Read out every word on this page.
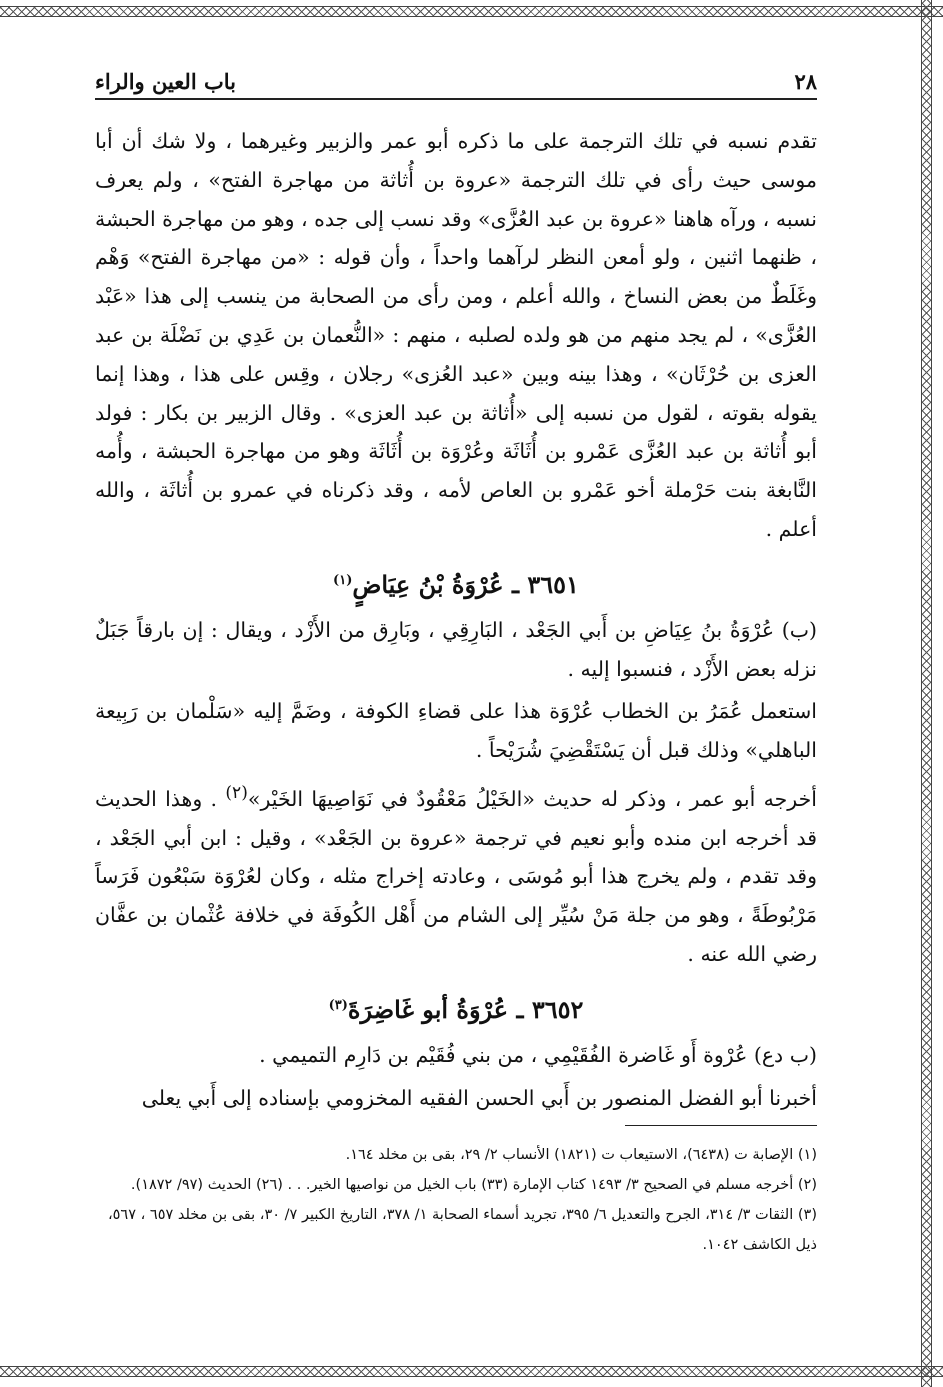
٢٨
باب العين والراء

تقدم نسبه في تلك الترجمة على ما ذكره أبو عمر والزبير وغيرهما ، ولا شك أن أبا موسى حيث رأى في تلك الترجمة «عروة بن أُثاثة من مهاجرة الفتح» ، ولم يعرف نسبه ، ورآه هاهنا «عروة بن عبد العُزَّى» وقد نسب إلى جده ، وهو من مهاجرة الحبشة ، ظنهما اثنين ، ولو أمعن النظر لرآهما واحداً ، وأن قوله : «من مهاجرة الفتح» وَهْم وغَلَطٌ من بعض النساخ ، والله أعلم ، ومن رأى من الصحابة من ينسب إلى هذا «عَبْد العُزَّى» ، لم يجد منهم من هو ولده لصلبه ، منهم : «النُّعمان بن عَدِي بن نَضْلَة بن عبد العزى بن حُرْثَان» ، وهذا بينه وبين «عبد العُزى» رجلان ، وقِس على هذا ، وهذا إنما يقوله بقوته ، لقول من نسبه إلى «أُثاثة بن عبد العزى» . وقال الزبير بن بكار : فولد أبو أُثاثة بن عبد العُزَّى عَمْرو بن أُثَاثَة وعُرْوَة بن أُثَاثَة وهو من مهاجرة الحبشة ، وأُمه النَّابغة بنت حَرْملة أخو عَمْرو بن العاص لأمه ، وقد ذكرناه في عمرو بن أُثاثَة ، والله أعلم .

٣٦٥١ ـ عُرْوَةُ بْنُ عِيَاضٍ$^{(١)}$

(ب) عُرْوَةُ بنُ عِيَاضِ بن أَبي الجَعْد ، البَارِقِي ، وبَارِق من الأَزْد ، ويقال : إن بارقاً جَبَلٌ نزله بعض الأَزْد ، فنسبوا إليه .

استعمل عُمَرُ بن الخطاب عُرْوَة هذا على قضاءِ الكوفة ، وضَمَّ إليه «سَلْمان بن رَبِيعة الباهلي» وذلك قبل أن يَسْتَقْضِيَ شُرَيْحاً .

أخرجه أبو عمر ، وذكر له حديث «الخَيْلُ مَعْقُودٌ في نَوَاصِيهَا الخَيْر»$^{(٢)}$ . وهذا الحديث قد أخرجه ابن منده وأبو نعيم في ترجمة «عروة بن الجَعْد» ، وقيل : ابن أبي الجَعْد ، وقد تقدم ، ولم يخرج هذا أبو مُوسَى ، وعادته إخراج مثله ، وكان لعُرْوَة سَبْعُون فَرَساً مَرْبُوطَةً ، وهو من جلة مَنْ سُيِّر إلى الشام من أَهْل الكُوفَة في خلافة عُثْمان بن عفَّان رضي الله عنه .

٣٦٥٢ ـ عُرْوَةُ أبو غَاضِرَةَ$^{(٣)}$

(ب دع) عُرْوة أَو غَاضرة الفُقَيْمِي ، من بني فُقَيْم بن دَارِم التميمي .

أخبرنا أبو الفضل المنصور بن أَبي الحسن الفقيه المخزومي بإسناده إلى أَبي يعلى

(١) الإصابة ت (٦٤٣٨)، الاستيعاب ت (١٨٢١) الأنساب ٢/ ٢٩، بقى بن مخلد ١٦٤.

(٢) أخرجه مسلم في الصحيح ٣/ ١٤٩٣ كتاب الإمارة (٣٣) باب الخيل من نواصيها الخير. . . (٢٦) الحديث (٩٧/ ١٨٧٢).

(٣) الثقات ٣/ ٣١٤، الجرح والتعديل ٦/ ٣٩٥، تجريد أسماء الصحابة ١/ ٣٧٨، التاريخ الكبير ٧/ ٣٠، بقى بن مخلد ٦٥٧ ، ٥٦٧، ذيل الكاشف ١٠٤٢.
